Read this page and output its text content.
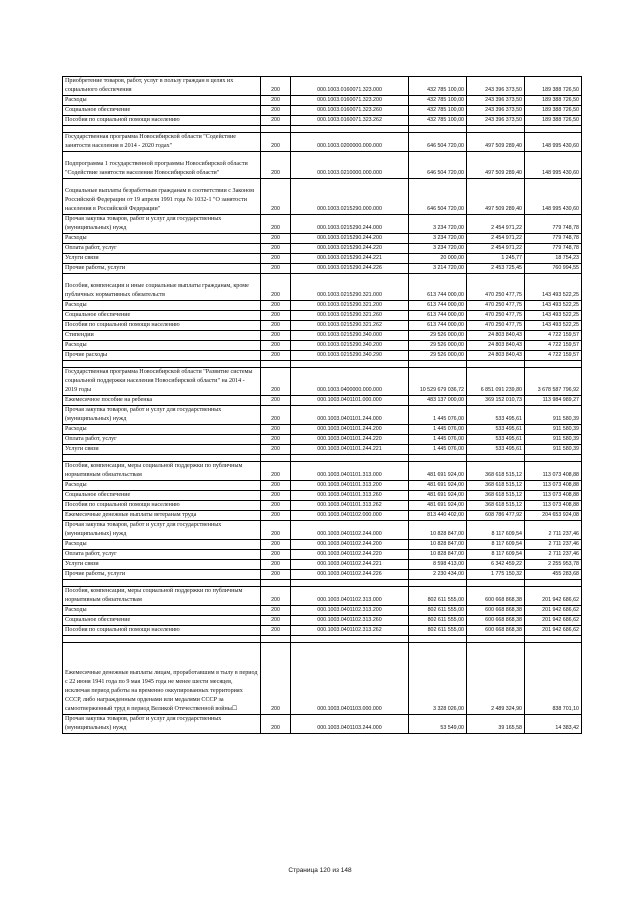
Приобретение товаров, работ, услуг в пользу граждан в целях их социального обеспечения	200	000.1003.0160071.323.000	432 785 100,00	243 396 373,50	189 388 726,50
Расходы	200	000.1003.0160071.323.200	432 785 100,00	243 396 373,50	189 388 726,50
Социальное обеспечение	200	000.1003.0160071.323.260	432 785 100,00	243 396 373,50	189 388 726,50
Пособия по социальной помощи населению	200	000.1003.0160071.323.262	432 785 100,00	243 396 373,50	189 388 726,50

Государственная программа Новосибирской области "Содействие занятости населения в 2014 - 2020 годах"	200	000.1003.0200000.000.000	646 504 720,00	497 509 289,40	148 995 430,60
Подпрограмма 1 государственной программы Новосибирской области "Содействие занятости населения Новосибирской области"	200	000.1003.0210000.000.000	646 504 720,00	497 509 289,40	148 995 430,60
Социальные выплаты безработным гражданам в соответствии с Законом Российской Федерации от 19 апреля 1991 года № 1032-1 "О занятости населения в Российской Федерации"	200	000.1003.0215290.000.000	646 504 720,00	497 509 289,40	148 995 430,60
Прочая закупка товаров, работ и услуг для государственных (муниципальных) нужд	200	000.1003.0215290.244.000	3 234 720,00	2 454 971,22	779 748,78
Расходы	200	000.1003.0215290.244.200	3 234 720,00	2 454 971,22	779 748,78
Оплата работ, услуг	200	000.1003.0215290.244.220	3 234 720,00	2 454 971,22	779 748,78
Услуги связи	200	000.1003.0215290.244.221	20 000,00	1 245,77	18 754,23
Прочие работы, услуги	200	000.1003.0215290.244.226	3 214 720,00	2 453 725,45	760 994,55
Пособия, компенсации и иные социальные выплаты гражданам, кроме публичных нормативных обязательств	200	000.1003.0215290.321.000	613 744 000,00	470 250 477,75	143 493 522,25
Расходы	200	000.1003.0215290.321.200	613 744 000,00	470 250 477,75	143 493 522,25
Социальное обеспечение	200	000.1003.0215290.321.260	613 744 000,00	470 250 477,75	143 493 522,25
Пособия по социальной помощи населению	200	000.1003.0215290.321.262	613 744 000,00	470 250 477,75	143 493 522,25
Стипендии	200	000.1003.0215290.340.000	29 526 000,00	24 803 840,43	4 722 159,57
Расходы	200	000.1003.0215290.340.200	29 526 000,00	24 803 840,43	4 722 159,57
Прочие расходы	200	000.1003.0215290.340.290	29 526 000,00	24 803 840,43	4 722 159,57

Государственная программа Новосибирской области "Развитие системы социальной поддержки населения Новосибирской области" на 2014 - 2019 годы	200	000.1003.0400000.000.000	10 529 679 036,72	6 851 091 239,80	3 678 587 796,92
Ежемесячное пособие на ребенка	200	000.1003.0401101.000.000	483 137 000,00	369 152 010,73	113 984 989,27
Прочая закупка товаров, работ и услуг для государственных (муниципальных) нужд	200	000.1003.0401101.244.000	1 445 076,00	533 495,61	911 580,39
Расходы	200	000.1003.0401101.244.200	1 445 076,00	533 495,61	911 580,39
Оплата работ, услуг	200	000.1003.0401101.244.220	1 445 076,00	533 495,61	911 580,39
Услуги связи	200	000.1003.0401101.244.221	1 445 076,00	533 495,61	911 580,39

Пособия, компенсации, меры социальной поддержки по публичным нормативным обязательствам	200	000.1003.0401101.313.000	481 691 924,00	368 618 515,12	113 073 408,88
Расходы	200	000.1003.0401101.313.200	481 691 924,00	368 618 515,12	113 073 408,88
Социальное обеспечение	200	000.1003.0401101.313.260	481 691 924,00	368 618 515,12	113 073 408,88
Пособия по социальной помощи населению	200	000.1003.0401101.313.262	481 691 924,00	368 618 515,12	113 073 408,88
Ежемесячные денежные выплаты ветеранам труда	200	000.1003.0401102.000.000	813 440 402,00	608 786 477,92	204 653 924,08
Прочая закупка товаров, работ и услуг для государственных (муниципальных) нужд	200	000.1003.0401102.244.000	10 828 847,00	8 117 609,54	2 711 237,46
Расходы	200	000.1003.0401102.244.200	10 828 847,00	8 117 609,54	2 711 237,46
Оплата работ, услуг	200	000.1003.0401102.244.220	10 828 847,00	8 117 609,54	2 711 237,46
Услуги связи	200	000.1003.0401102.244.221	8 598 413,00	6 342 459,22	2 255 953,78
Прочие работы, услуги	200	000.1003.0401102.244.226	2 230 434,00	1 775 150,32	455 283,68

Пособия, компенсации, меры социальной поддержки по публичным нормативным обязательствам	200	000.1003.0401102.313.000	802 611 555,00	600 668 868,38	201 942 686,62
Расходы	200	000.1003.0401102.313.200	802 611 555,00	600 668 868,38	201 942 686,62
Социальное обеспечение	200	000.1003.0401102.313.260	802 611 555,00	600 668 868,38	201 942 686,62
Пособия по социальной помощи населению	200	000.1003.0401102.313.262	802 611 555,00	600 668 868,38	201 942 686,62

Ежемесячные денежные выплаты лицам, проработавшим в тылу в период с 22 июня 1941 года по 9 мая 1945 года не менее шести месяцев, исключая период работы на временно оккупированных территориях СССР, либо награжденным орденами или медалями СССР за самоотверженный труд в период Великой Отечественной войны☐	200	000.1003.0401103.000.000	3 328 026,00	2 489 324,90	838 701,10
Прочая закупка товаров, работ и услуг для государственных (муниципальных) нужд	200	000.1003.0401103.244.000	53 549,00	39 165,58	14 383,42
Страница 120 из 148
